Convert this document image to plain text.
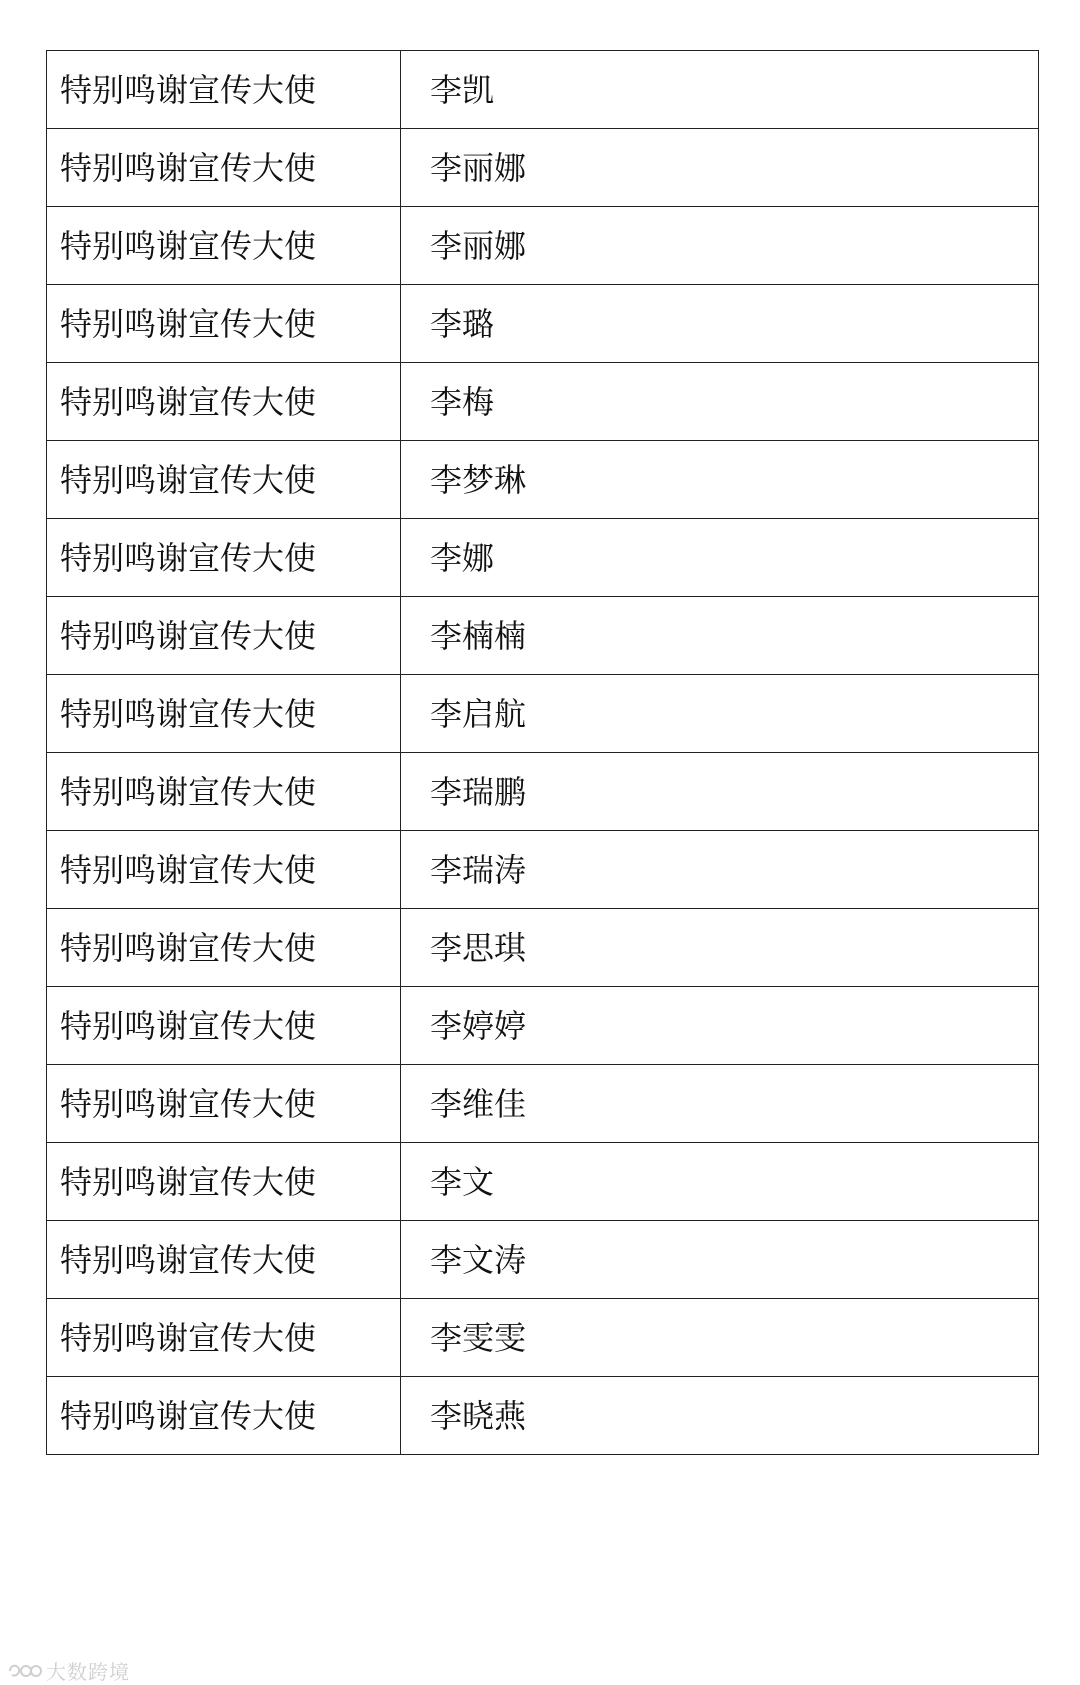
特别鸣谢宣传大使	李凯
特别鸣谢宣传大使	李丽娜
特别鸣谢宣传大使	李丽娜
特别鸣谢宣传大使	李璐
特别鸣谢宣传大使	李梅
特别鸣谢宣传大使	李梦琳
特别鸣谢宣传大使	李娜
特别鸣谢宣传大使	李楠楠
特别鸣谢宣传大使	李启航
特别鸣谢宣传大使	李瑞鹏
特别鸣谢宣传大使	李瑞涛
特别鸣谢宣传大使	李思琪
特别鸣谢宣传大使	李婷婷
特别鸣谢宣传大使	李维佳
特别鸣谢宣传大使	李文
特别鸣谢宣传大使	李文涛
特别鸣谢宣传大使	李雯雯
特别鸣谢宣传大使	李晓燕
大数跨境
